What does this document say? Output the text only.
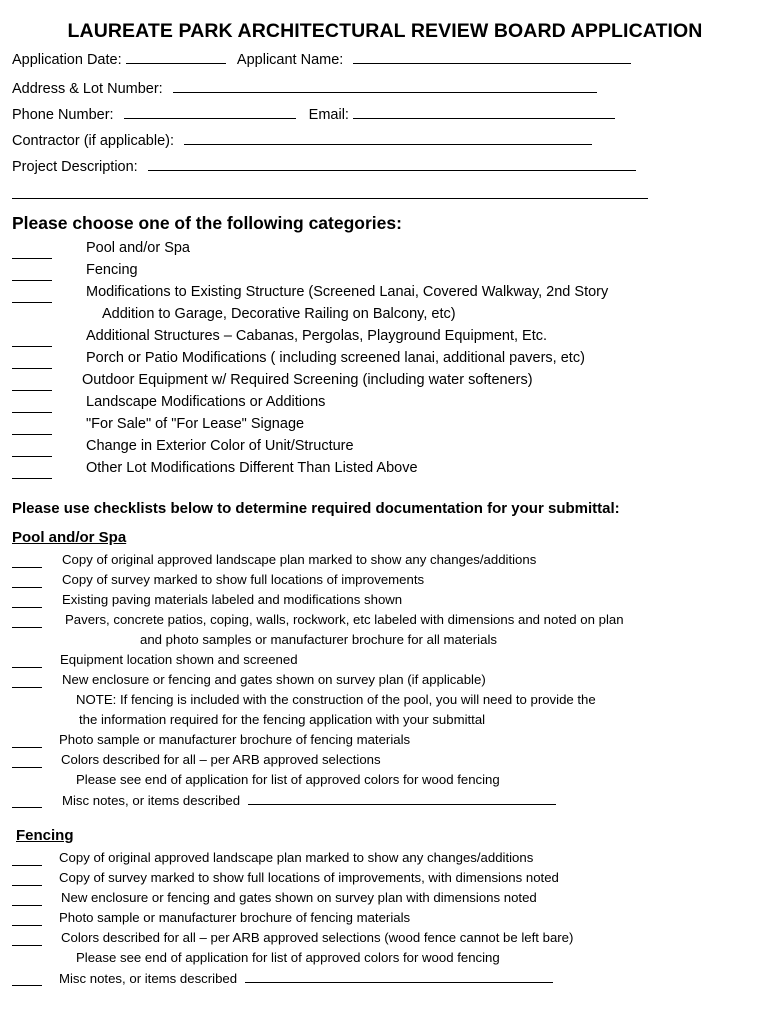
LAUREATE PARK ARCHITECTURAL REVIEW BOARD APPLICATION
Application Date:	Applicant Name:
Address & Lot Number:
Phone Number:	Email:
Contractor (if applicable):
Project Description:
Please choose one of the following categories:
Pool and/or Spa
Fencing
Modifications to Existing Structure (Screened Lanai, Covered Walkway, 2nd Story
Addition to Garage, Decorative Railing on Balcony, etc)
Additional Structures – Cabanas, Pergolas, Playground Equipment, Etc.
Porch or Patio Modifications ( including screened lanai, additional pavers, etc)
Outdoor Equipment w/ Required Screening (including water softeners)
Landscape Modifications or Additions
"For Sale" of "For Lease" Signage
Change in Exterior Color of Unit/Structure
Other Lot Modifications Different Than Listed Above
Please use checklists below to determine required documentation for your submittal:
Pool and/or Spa
Copy of original approved landscape plan marked to show any changes/additions
Copy of survey marked to show full locations of improvements
Existing paving materials labeled and modifications shown
Pavers, concrete patios, coping, walls, rockwork, etc labeled with dimensions and noted on plan
and photo samples or manufacturer brochure for all materials
Equipment location shown and screened
New enclosure or fencing and gates shown on survey plan (if applicable)
NOTE: If fencing is included with the construction of the pool, you will need to provide the
the information required for the fencing application with your submittal
Photo sample or manufacturer brochure of fencing materials
Colors described for all – per ARB approved selections
Please see end of application for list of approved colors for wood fencing
Misc notes, or items described
Fencing
Copy of original approved landscape plan marked to show any changes/additions
Copy of survey marked to show full locations of improvements, with dimensions noted
New enclosure or fencing and gates shown on survey plan with dimensions noted
Photo sample or manufacturer brochure of fencing materials
Colors described for all – per ARB approved selections (wood fence cannot be left bare)
Please see end of application for list of approved colors for wood fencing
Misc notes, or items described
